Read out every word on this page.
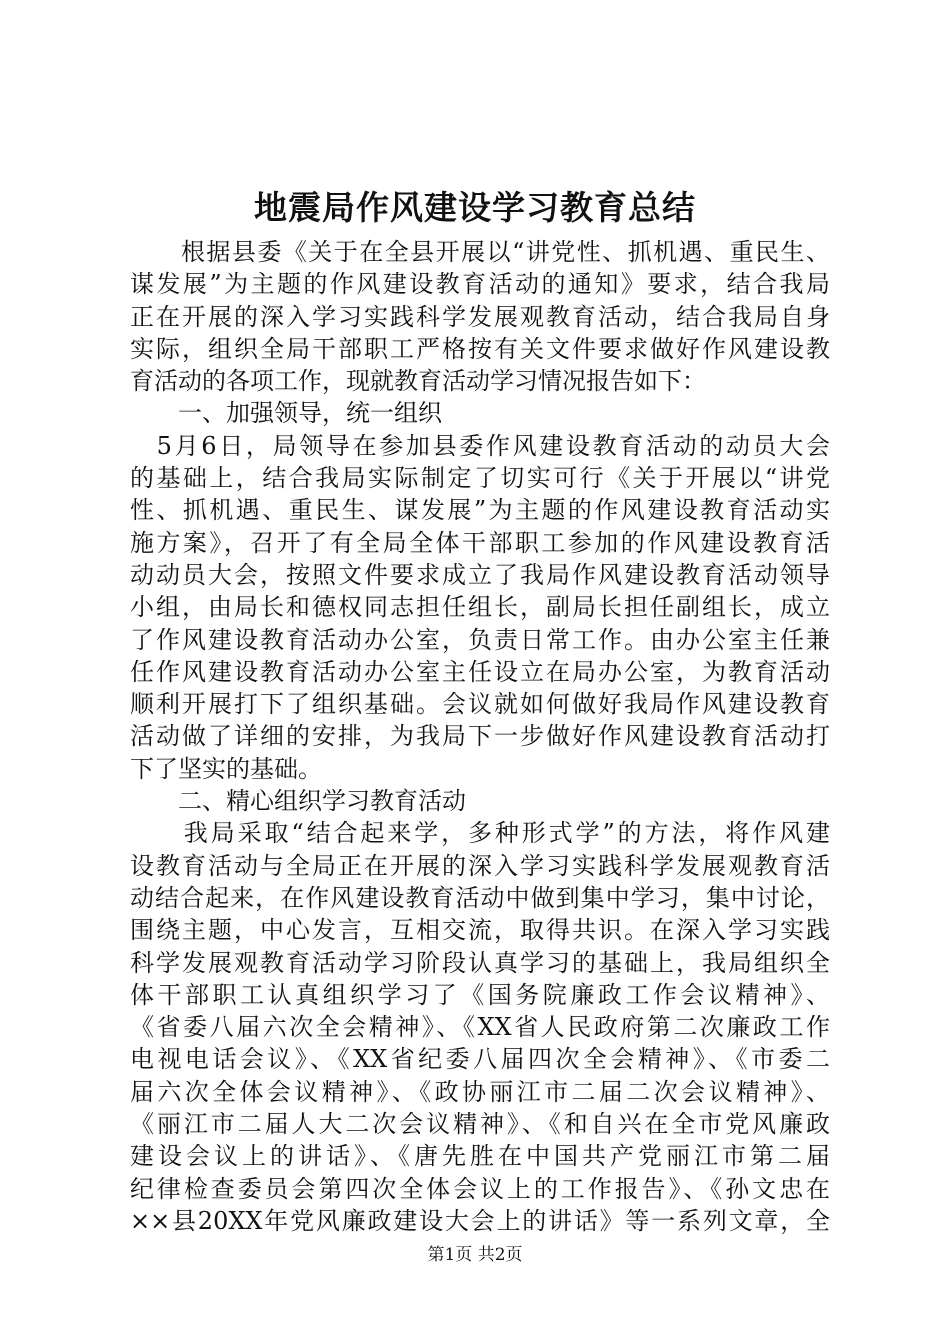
地震局作风建设学习教育总结
　　根据县委《关于在全县开展以“讲党性、抓机遇、重民生、
谋发展”为主题的作风建设教育活动的通知》要求，结合我局
正在开展的深入学习实践科学发展观教育活动，结合我局自身
实际，组织全局干部职工严格按有关文件要求做好作风建设教
育活动的各项工作，现就教育活动学习情况报告如下：
　　一、加强领导，统一组织
　5月6日，局领导在参加县委作风建设教育活动的动员大会
的基础上，结合我局实际制定了切实可行《关于开展以“讲党
性、抓机遇、重民生、谋发展”为主题的作风建设教育活动实
施方案》，召开了有全局全体干部职工参加的作风建设教育活
动动员大会，按照文件要求成立了我局作风建设教育活动领导
小组，由局长和德权同志担任组长，副局长担任副组长，成立
了作风建设教育活动办公室，负责日常工作。由办公室主任兼
任作风建设教育活动办公室主任设立在局办公室，为教育活动
顺利开展打下了组织基础。会议就如何做好我局作风建设教育
活动做了详细的安排，为我局下一步做好作风建设教育活动打
下了坚实的基础。
　　二、精心组织学习教育活动
　　我局采取“结合起来学，多种形式学”的方法，将作风建
设教育活动与全局正在开展的深入学习实践科学发展观教育活
动结合起来，在作风建设教育活动中做到集中学习，集中讨论，
围绕主题，中心发言，互相交流，取得共识。在深入学习实践
科学发展观教育活动学习阶段认真学习的基础上，我局组织全
体干部职工认真组织学习了《国务院廉政工作会议精神》、
《省委八届六次全会精神》、《XX省人民政府第二次廉政工作
电视电话会议》、《XX省纪委八届四次全会精神》、《市委二
届六次全体会议精神》、《政协丽江市二届二次会议精神》、
《丽江市二届人大二次会议精神》、《和自兴在全市党风廉政
建设会议上的讲话》、《唐先胜在中国共产党丽江市第二届
纪律检查委员会第四次全体会议上的工作报告》、《孙文忠在
××县20XX年党风廉政建设大会上的讲话》等一系列文章，全
第1页 共2页
